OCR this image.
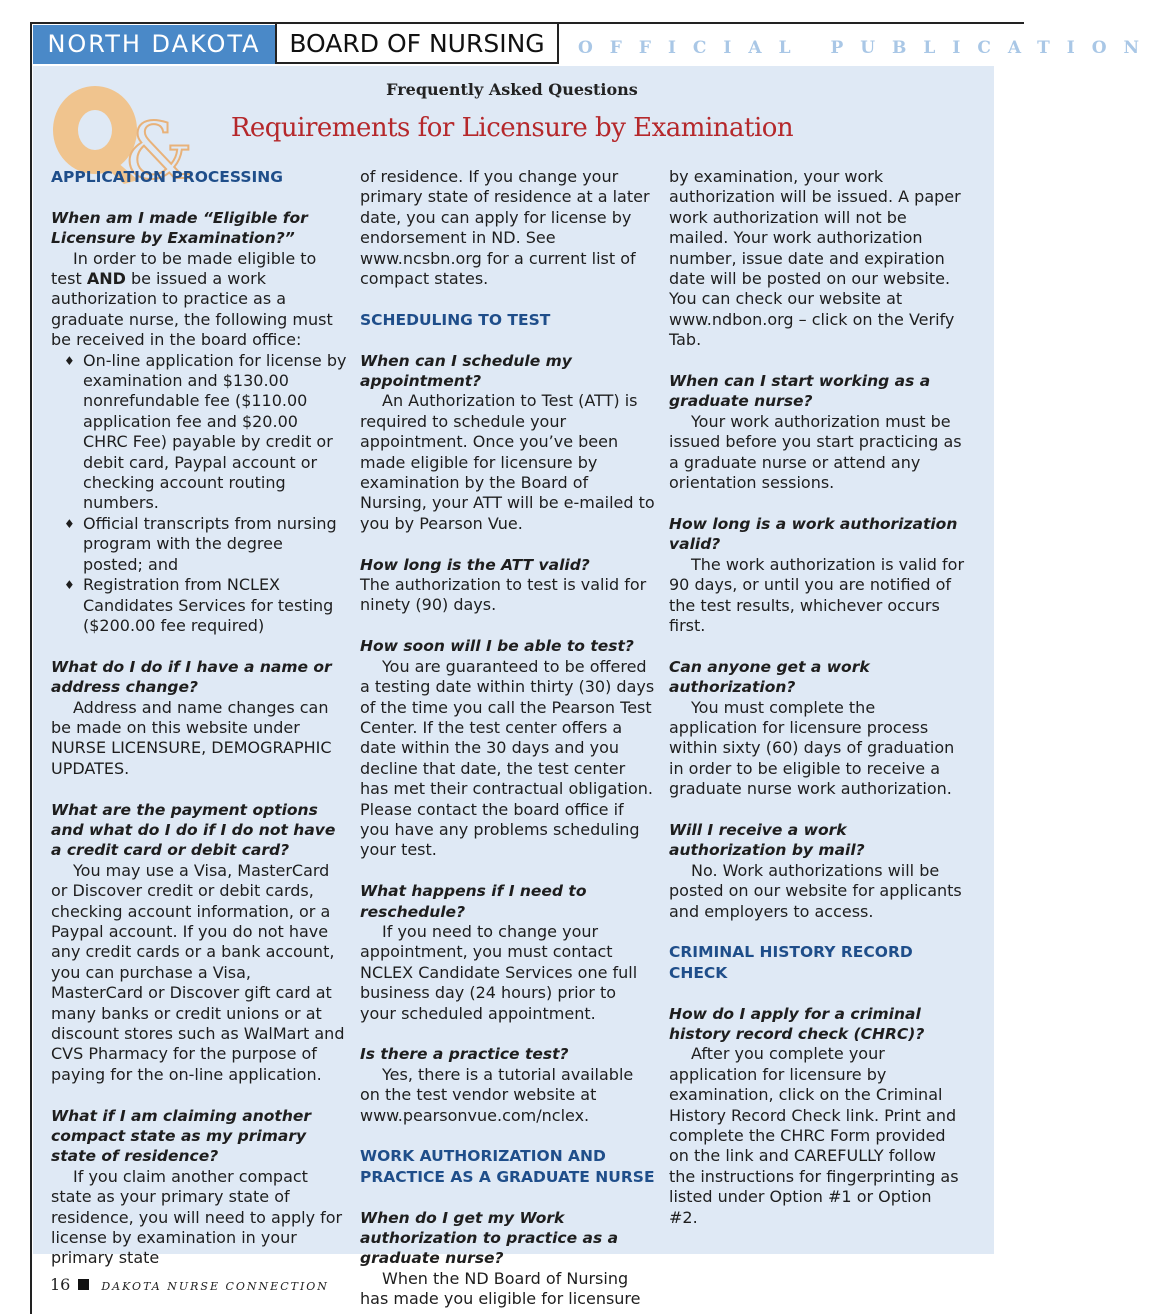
NORTH DAKOTA	BOARD OF NURSING	OFFICIAL PUBLICATION
&
Frequently Asked Questions
Requirements for Licensure by Examination

APPLICATION PROCESSING

When am I made “Eligible for Licensure by Examination?”

In order to be made eligible to test AND be issued a work authorization to practice as a graduate nurse, the following must be received in the board office:

♦ On-line application for license by examination and $130.00 nonrefundable fee ($110.00 application fee and $20.00 CHRC Fee) payable by credit or debit card, Paypal account or checking account routing numbers.
♦ Official transcripts from nursing program with the degree posted; and
♦ Registration from NCLEX Candidates Services for testing ($200.00 fee required)

What do I do if I have a name or address change?

Address and name changes can be made on this website under NURSE LICENSURE, DEMOGRAPHIC UPDATES.

What are the payment options and what do I do if I do not have a credit card or debit card?

You may use a Visa, MasterCard or Discover credit or debit cards, checking account information, or a Paypal account. If you do not have any credit cards or a bank account, you can purchase a Visa, MasterCard or Discover gift card at many banks or credit unions or at discount stores such as WalMart and CVS Pharmacy for the purpose of paying for the on-line application.

What if I am claiming another compact state as my primary state of residence?

If you claim another compact state as your primary state of residence, you will need to apply for license by examination in your primary state

of residence. If you change your primary state of residence at a later date, you can apply for license by endorsement in ND. See www.ncsbn.org for a current list of compact states.

SCHEDULING TO TEST

When can I schedule my appointment?

An Authorization to Test (ATT) is required to schedule your appointment. Once you’ve been made eligible for licensure by examination by the Board of Nursing, your ATT will be e-mailed to you by Pearson Vue.

How long is the ATT valid?

The authorization to test is valid for ninety (90) days.

How soon will I be able to test?

You are guaranteed to be offered a testing date within thirty (30) days of the time you call the Pearson Test Center. If the test center offers a date within the 30 days and you decline that date, the test center has met their contractual obligation. Please contact the board office if you have any problems scheduling your test.

What happens if I need to reschedule?

If you need to change your appointment, you must contact NCLEX Candidate Services one full business day (24 hours) prior to your scheduled appointment.

Is there a practice test?

Yes, there is a tutorial available on the test vendor website at www.pearsonvue.com/nclex.

WORK AUTHORIZATION AND PRACTICE AS A GRADUATE NURSE

When do I get my Work authorization to practice as a graduate nurse?

When the ND Board of Nursing has made you eligible for licensure

by examination, your work authorization will be issued. A paper work authorization will not be mailed. Your work authorization number, issue date and expiration date will be posted on our website. You can check our website at www.ndbon.org – click on the Verify Tab.

When can I start working as a graduate nurse?

Your work authorization must be issued before you start practicing as a graduate nurse or attend any orientation sessions.

How long is a work authorization valid?

The work authorization is valid for 90 days, or until you are notified of the test results, whichever occurs first.

Can anyone get a work authorization?

You must complete the application for licensure process within sixty (60) days of graduation in order to be eligible to receive a graduate nurse work authorization.

Will I receive a work authorization by mail?

No. Work authorizations will be posted on our website for applicants and employers to access.

CRIMINAL HISTORY RECORD CHECK

How do I apply for a criminal history record check (CHRC)?

After you complete your application for licensure by examination, click on the Criminal History Record Check link. Print and complete the CHRC Form provided on the link and CAREFULLY follow the instructions for fingerprinting as listed under Option #1 or Option #2.

16	DAKOTA NURSE CONNECTION
